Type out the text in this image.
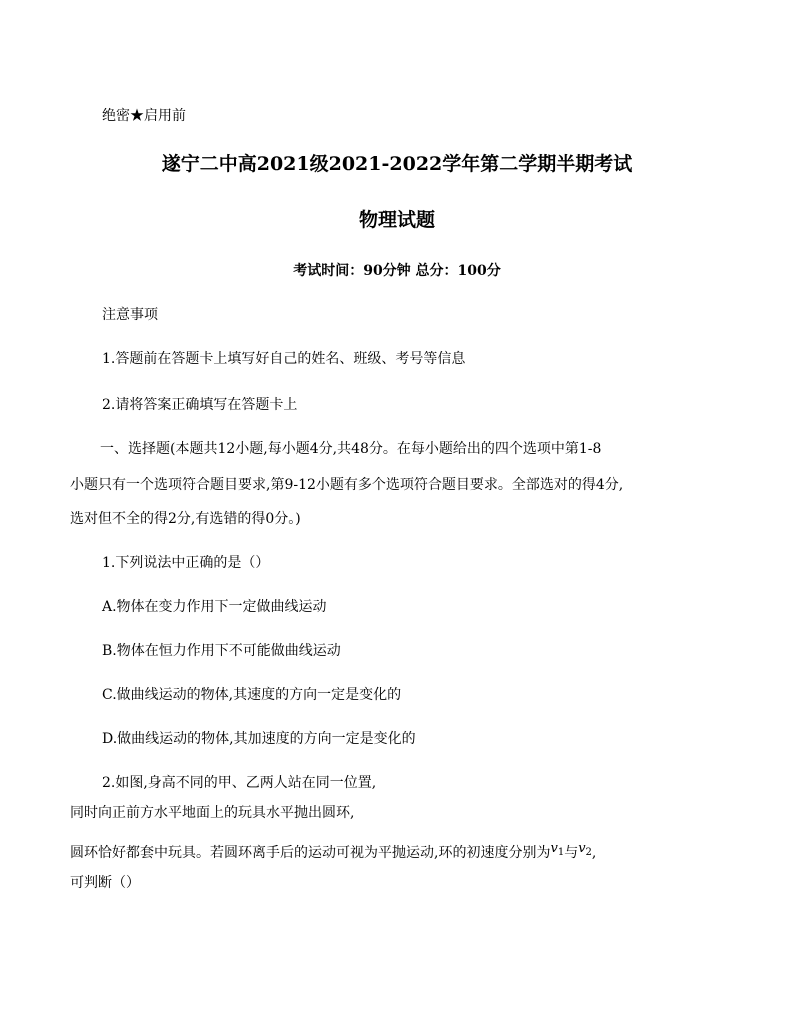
绝密★启用前
遂宁二中高2021级2021-2022学年第二学期半期考试
物理试题
考试时间：90分钟 总分：100分
注意事项
1.答题前在答题卡上填写好自己的姓名、班级、考号等信息
2.请将答案正确填写在答题卡上
一、选择题(本题共12小题,每小题4分,共48分。在每小题给出的四个选项中第1-8
小题只有一个选项符合题目要求,第9-12小题有多个选项符合题目要求。全部选对的得4分,
选对但不全的得2分,有选错的得0分。)
1.下列说法中正确的是（）
A.物体在变力作用下一定做曲线运动
B.物体在恒力作用下不可能做曲线运动
C.做曲线运动的物体,其速度的方向一定是变化的
D.做曲线运动的物体,其加速度的方向一定是变化的
2.如图,身高不同的甲、乙两人站在同一位置,
同时向正前方水平地面上的玩具水平抛出圆环,
圆环恰好都套中玩具。若圆环离手后的运动可视为平抛运动,环的初速度分别为$v_1$与$v_2$,
可判断（）
